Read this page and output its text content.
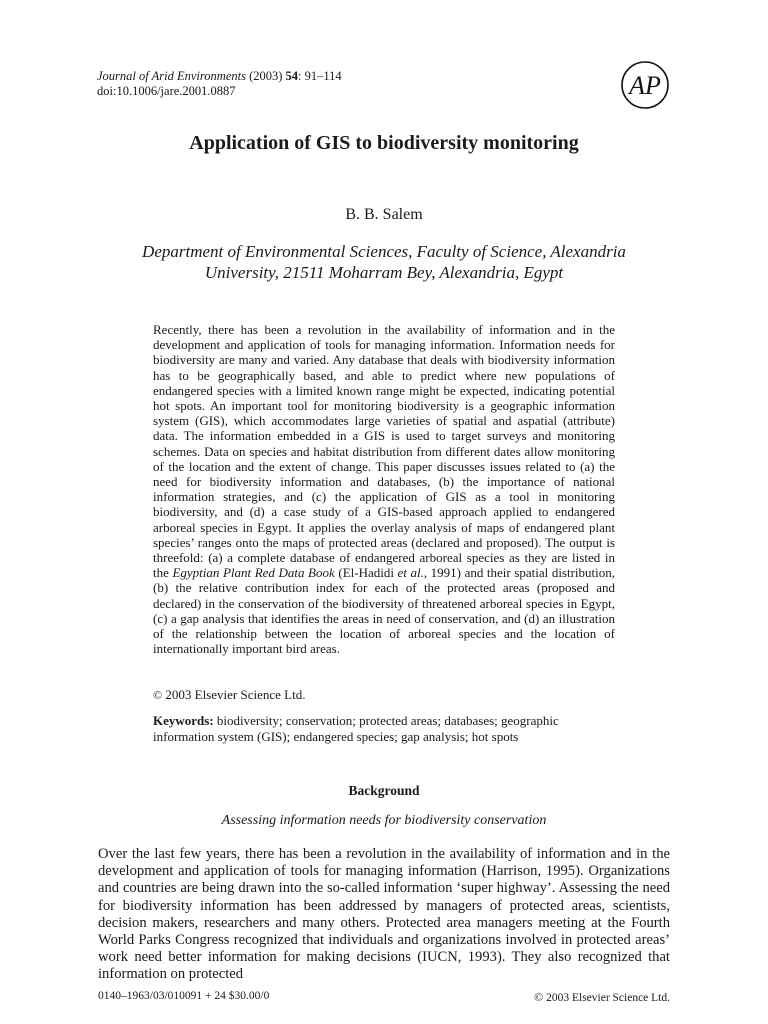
Journal of Arid Environments (2003) 54: 91–114
doi:10.1006/jare.2001.0887	AP
Application of GIS to biodiversity monitoring
B. B. Salem
Department of Environmental Sciences, Faculty of Science, Alexandria
University, 21511 Moharram Bey, Alexandria, Egypt
Recently, there has been a revolution in the availability of information and in the development and application of tools for managing information. Information needs for biodiversity are many and varied. Any database that deals with biodiversity information has to be geographically based, and able to predict where new populations of endangered species with a limited known range might be expected, indicating potential hot spots. An important tool for monitoring biodiversity is a geographic information system (GIS), which accommodates large varieties of spatial and aspatial (attribute) data. The information embedded in a GIS is used to target surveys and monitoring schemes. Data on species and habitat distribution from different dates allow monitoring of the location and the extent of change. This paper discusses issues related to (a) the need for biodiversity information and databases, (b) the importance of national information strategies, and (c) the application of GIS as a tool in monitoring biodiversity, and (d) a case study of a GIS-based approach applied to endangered arboreal species in Egypt. It applies the overlay analysis of maps of endangered plant species’ ranges onto the maps of protected areas (declared and proposed). The output is threefold: (a) a complete database of endangered arboreal species as they are listed in the Egyptian Plant Red Data Book (El-Hadidi et al., 1991) and their spatial distribution, (b) the relative contribution index for each of the protected areas (proposed and declared) in the conservation of the biodiversity of threatened arboreal species in Egypt, (c) a gap analysis that identifies the areas in need of conservation, and (d) an illustration of the relationship between the location of arboreal species and the location of internationally important bird areas.
© 2003 Elsevier Science Ltd.
Keywords: biodiversity; conservation; protected areas; databases; geographic information system (GIS); endangered species; gap analysis; hot spots
Background
Assessing information needs for biodiversity conservation
Over the last few years, there has been a revolution in the availability of information and in the development and application of tools for managing information (Harrison, 1995). Organizations and countries are being drawn into the so-called information ‘super highway’. Assessing the need for biodiversity information has been addressed by managers of protected areas, scientists, decision makers, researchers and many others. Protected area managers meeting at the Fourth World Parks Congress recognized that individuals and organizations involved in protected areas’ work need better information for making decisions (IUCN, 1993). They also recognized that information on protected
0140–1963/03/010091 + 24 $30.00/0	© 2003 Elsevier Science Ltd.
